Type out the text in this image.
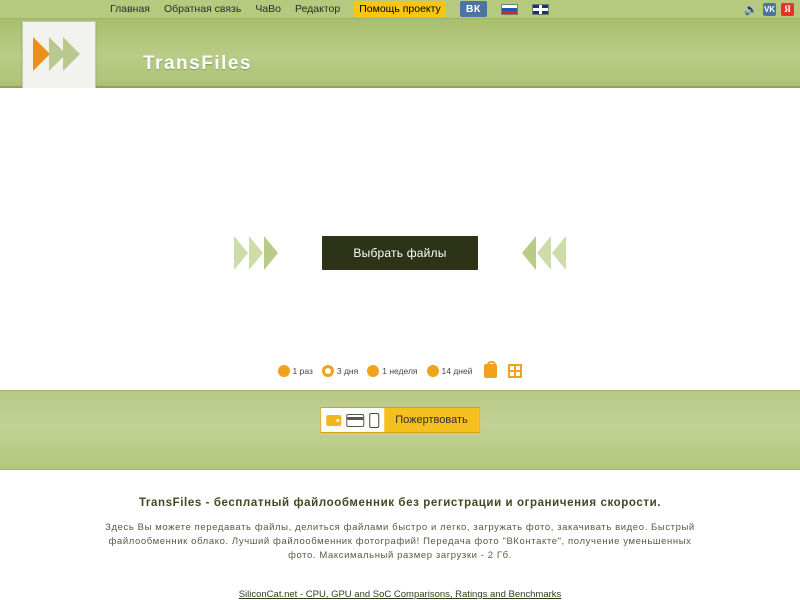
Главная Обратная связь ЧаВо Редактор	Помощь проекту	ВК	🔊 VK	Я
TransFiles
Выбрать файлы
1 раз	3 дня	1 неделя	14 дней
Пожертвовать
TransFiles - бесплатный файлообменник без регистрации и ограничения скорости.

Здесь Вы можете передавать файлы, делиться файлами быстро и легко, загружать фото, закачивать видео. Быстрый файлообменник облако. Лучший файлообменник фотографий! Передача фото "ВКонтакте", получение уменьшенных фото. Максимальный размер загрузки - 2 Гб.

SiliconCat.net - CPU, GPU and SoC Comparisons, Ratings and Benchmarks
